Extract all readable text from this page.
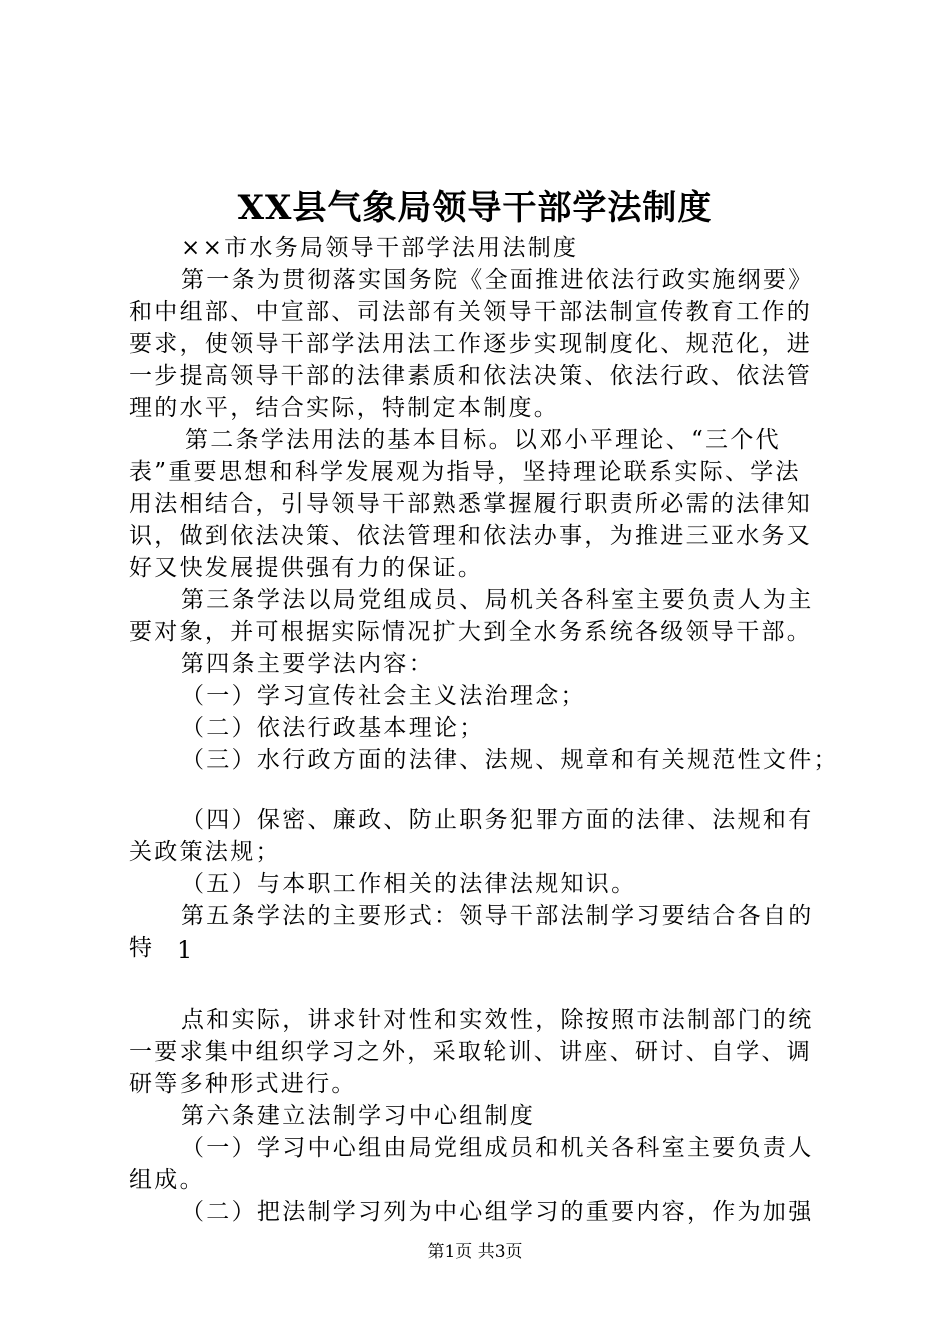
XX县气象局领导干部学法制度
××市水务局领导干部学法用法制度
第一条为贯彻落实国务院《全面推进依法行政实施纲要》
和中组部、中宣部、司法部有关领导干部法制宣传教育工作的
要求，使领导干部学法用法工作逐步实现制度化、规范化，进
一步提高领导干部的法律素质和依法决策、依法行政、依法管
理的水平，结合实际，特制定本制度。
第二条学法用法的基本目标。以邓小平理论、“三个代
表”重要思想和科学发展观为指导，坚持理论联系实际、学法
用法相结合，引导领导干部熟悉掌握履行职责所必需的法律知
识，做到依法决策、依法管理和依法办事，为推进三亚水务又
好又快发展提供强有力的保证。
第三条学法以局党组成员、局机关各科室主要负责人为主
要对象，并可根据实际情况扩大到全水务系统各级领导干部。
第四条主要学法内容：
（一）学习宣传社会主义法治理念；
（二）依法行政基本理论；
（三）水行政方面的法律、法规、规章和有关规范性文件；
（四）保密、廉政、防止职务犯罪方面的法律、法规和有
关政策法规；
（五）与本职工作相关的法律法规知识。
第五条学法的主要形式：领导干部法制学习要结合各自的
特 1
点和实际，讲求针对性和实效性，除按照市法制部门的统
一要求集中组织学习之外，采取轮训、讲座、研讨、自学、调
研等多种形式进行。
第六条建立法制学习中心组制度
（一）学习中心组由局党组成员和机关各科室主要负责人
组成。
（二）把法制学习列为中心组学习的重要内容，作为加强
第1页 共3页
